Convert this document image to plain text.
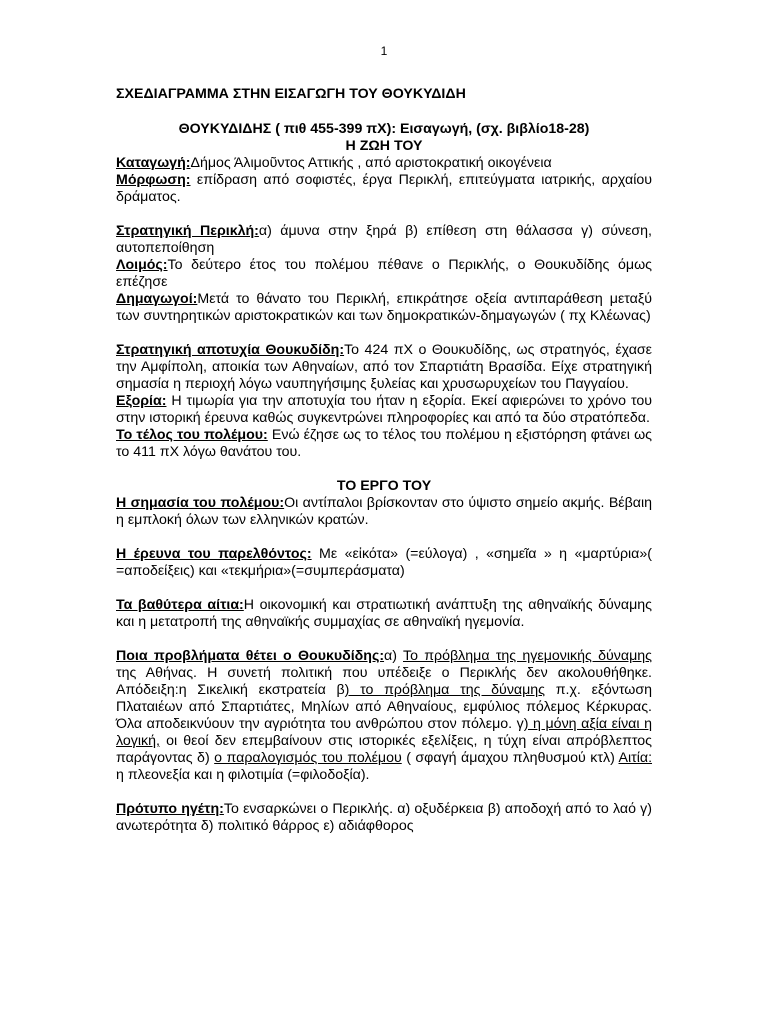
1
ΣΧΕΔΙΑΓΡΑΜΜΑ ΣΤΗΝ ΕΙΣΑΓΩΓΗ ΤΟΥ ΘΟΥΚΥΔΙΔΗ
ΘΟΥΚΥΔΙΔΗΣ ( πιθ 455-399 πΧ): Εισαγωγή, (σχ. βιβλίο18-28)
Η ΖΩΗ ΤΟΥ

Καταγωγή:Δήμος Άλιμοῦντος Αττικής , από αριστοκρατική οικογένεια

Μόρφωση: επίδραση από σοφιστές, έργα Περικλή, επιτεύγματα ιατρικής, αρχαίου δράματος.

Στρατηγική Περικλή:α) άμυνα στην ξηρά β) επίθεση στη θάλασσα γ) σύνεση, αυτοπεποίθηση

Λοιμός:Το δεύτερο έτος του πολέμου πέθανε ο Περικλής, ο Θουκυδίδης όμως επέζησε

Δημαγωγοί:Μετά το θάνατο του Περικλή, επικράτησε οξεία αντιπαράθεση μεταξύ των συντηρητικών αριστοκρατικών και των δημοκρατικών-δημαγωγών ( πχ Κλέωνας)

Στρατηγική αποτυχία Θουκυδίδη:Το 424 πΧ ο Θουκυδίδης, ως στρατηγός, έχασε την Αμφίπολη, αποικία των Αθηναίων, από τον Σπαρτιάτη Βρασίδα. Είχε στρατηγική σημασία η περιοχή λόγω ναυπηγήσιμης ξυλείας και χρυσωρυχείων του Παγγαίου.

Εξορία: Η τιμωρία για την αποτυχία του ήταν η εξορία. Εκεί αφιερώνει το χρόνο του στην ιστορική έρευνα καθώς συγκεντρώνει πληροφορίες και από τα δύο στρατόπεδα.

Το τέλος του πολέμου: Ενώ έζησε ως το τέλος του πολέμου η εξιστόρηση φτάνει ως το 411 πΧ λόγω θανάτου του.

ΤΟ ΕΡΓΟ ΤΟΥ

Η σημασία του πολέμου:Οι αντίπαλοι βρίσκονταν στο ύψιστο σημείο ακμής. Βέβαιη η εμπλοκή όλων των ελληνικών κρατών.

Η έρευνα του παρελθόντος: Με «εἰκότα» (=εύλογα) , «σημεῖα » η «μαρτύρια»( =αποδείξεις) και «τεκμήρια»(=συμπεράσματα)

Τα βαθύτερα αίτια:Η οικονομική και στρατιωτική ανάπτυξη της αθηναϊκής δύναμης και η μετατροπή της αθηναϊκής συμμαχίας σε αθηναϊκή ηγεμονία.

Ποια προβλήματα θέτει ο Θουκυδίδης:α) Το πρόβλημα της ηγεμονικής δύναμης της Αθήνας. Η συνετή πολιτική που υπέδειξε ο Περικλής δεν ακολουθήθηκε. Απόδειξη:η Σικελική εκστρατεία β) το πρόβλημα της δύναμης π.χ. εξόντωση Πλαταιέων από Σπαρτιάτες, Μηλίων από Αθηναίους, εμφύλιος πόλεμος Κέρκυρας. Όλα αποδεικνύουν την αγριότητα του ανθρώπου στον πόλεμο. γ) η μόνη αξία είναι η λογική, οι θεοί δεν επεμβαίνουν στις ιστορικές εξελίξεις, η τύχη είναι απρόβλεπτος παράγοντας δ) ο παραλογισμός του πολέμου ( σφαγή άμαχου πληθυσμού κτλ) Αιτία: η πλεονεξία και η φιλοτιμία (=φιλοδοξία).

Πρότυπο ηγέτη:Το ενσαρκώνει ο Περικλής. α) οξυδέρκεια β) αποδοχή από το λαό γ) ανωτερότητα δ) πολιτικό θάρρος ε) αδιάφθορος
